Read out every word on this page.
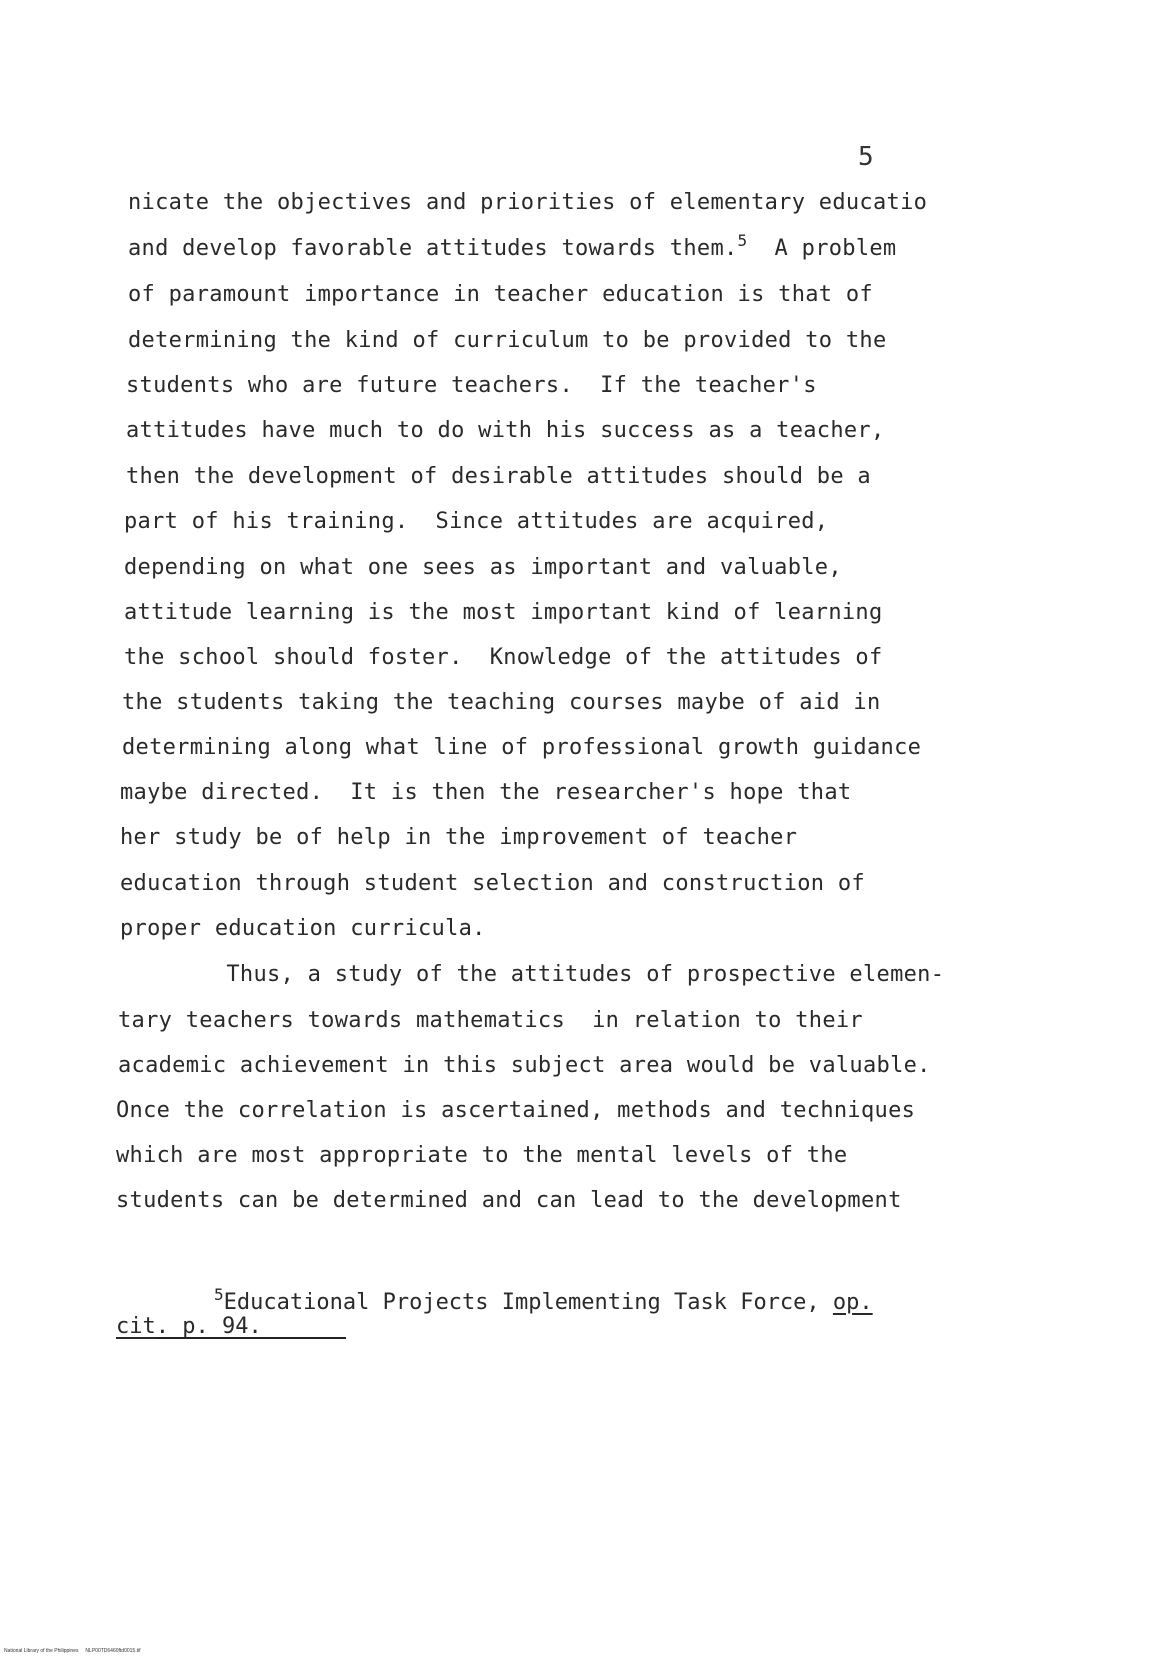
5
nicate the objectives and priorities of elementary educatio
and develop favorable attitudes towards them.$^5$  A problem
of paramount importance in teacher education is that of
determining the kind of curriculum to be provided to the
students who are future teachers.  If the teacher's
attitudes have much to do with his success as a teacher,
then the development of desirable attitudes should be a
part of his training.  Since attitudes are acquired,
depending on what one sees as important and valuable,
attitude learning is the most important kind of learning
the school should foster.  Knowledge of the attitudes of
the students taking the teaching courses maybe of aid in
determining along what line of professional growth guidance
maybe directed.  It is then the researcher's hope that
her study be of help in the improvement of teacher
education through student selection and construction of
proper education curricula.
Thus, a study of the attitudes of prospective elemen-
tary teachers towards mathematics  in relation to their
academic achievement in this subject area would be valuable.
Once the correlation is ascertained, methods and techniques
which are most appropriate to the mental levels of the
students can be determined and can lead to the development
$^5$Educational Projects Implementing Task Force, op.
cit. p. 94.
National Library of the Philippines     NLP00TD6460ftd0015.tif
